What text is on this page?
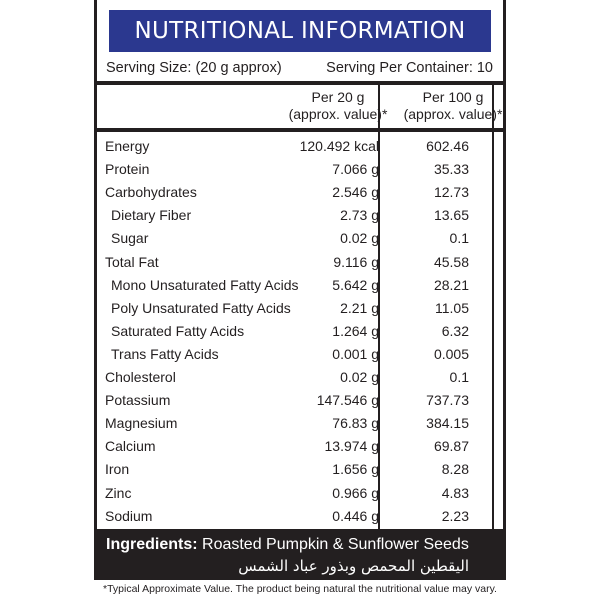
NUTRITIONAL INFORMATION
Serving Size: (20 g approx)	Serving Per Container: 10
Per 20 g
(approx. value)*
Per 100 g
(approx. value)*
Energy	120.492 kcal	602.46
Protein	7.066 g	35.33
Carbohydrates	2.546 g	12.73
Dietary Fiber	2.73 g	13.65
Sugar	0.02 g	0.1
Total Fat	9.116 g	45.58
Mono Unsaturated Fatty Acids 5.642 g	28.21
Poly Unsaturated Fatty Acids	2.21 g	11.05
Saturated Fatty Acids	1.264 g	6.32
Trans Fatty Acids	0.001 g	0.005
Cholesterol	0.02 g	0.1
Potassium	147.546 g	737.73
Magnesium	76.83 g	384.15
Calcium	13.974 g	69.87
Iron	1.656 g	8.28
Zinc	0.966 g	4.83
Sodium	0.446 g	2.23
Ingredients: Roasted Pumpkin & Sunflower Seeds
اليقطين المحمص وبذور عباد الشمس
*Typical Approximate Value. The product being natural the nutritional value may vary.
